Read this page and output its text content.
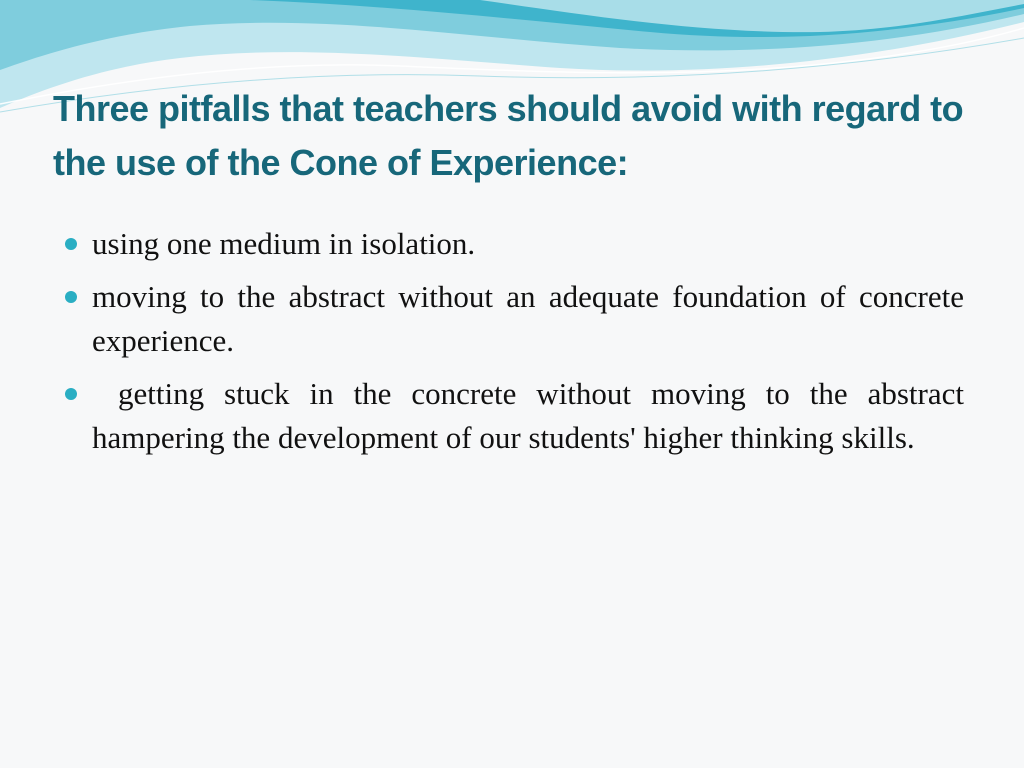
Three pitfalls that teachers should avoid with regard to the use of the Cone of Experience:
using one medium in isolation.
moving to the abstract without an adequate foundation of concrete experience.
getting stuck in the concrete without moving to the abstract hampering the development of our students' higher thinking skills.
